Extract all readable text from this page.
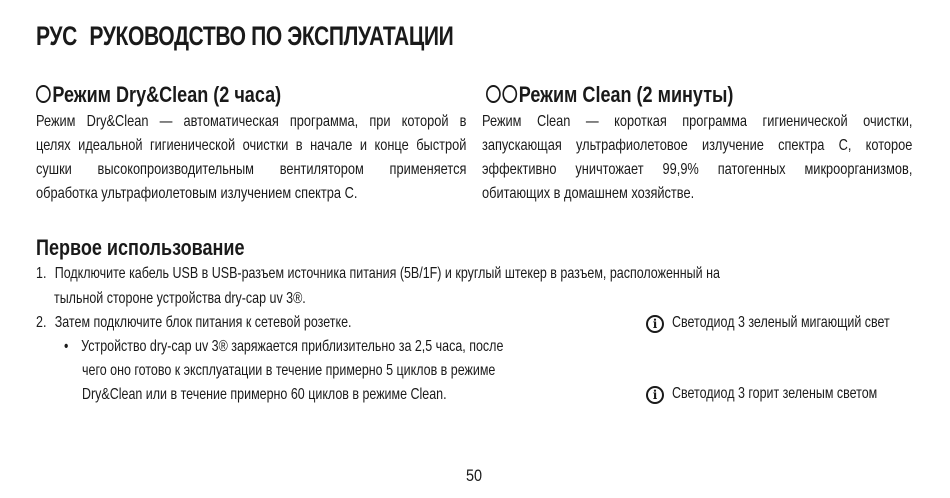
РУС РУКОВОДСТВО ПО ЭКСПЛУАТАЦИИ
Режим Dry&Clean (2 часа)
Режим Dry&Clean — автоматическая программа, при которой в
целях идеальной гигиенической очистки в начале и конце быстрой
сушки высокопроизводительным вентилятором применяется
обработка ультрафиолетовым излучением спектра C.
Режим Clean (2 минуты)
Режим Clean — короткая программа гигиенической очистки,
запускающая ультрафиолетовое излучение спектра C, которое
эффективно уничтожает 99,9% патогенных микроорганизмов,
обитающих в домашнем хозяйстве.
Первое использование
1. Подключите кабель USB в USB-разъем источника питания (5В/1F) и круглый штекер в разъем, расположенный на
тыльной стороне устройства dry-cap uv 3®.
2. Затем подключите блок питания к сетевой розетке.
• Устройство dry-cap uv 3® заряжается приблизительно за 2,5 часа, после
чего оно готово к эксплуатации в течение примерно 5 циклов в режиме
Dry&Clean или в течение примерно 60 циклов в режиме Clean.
i Светодиод 3 зеленый мигающий свет
i Светодиод 3 горит зеленым светом
50
